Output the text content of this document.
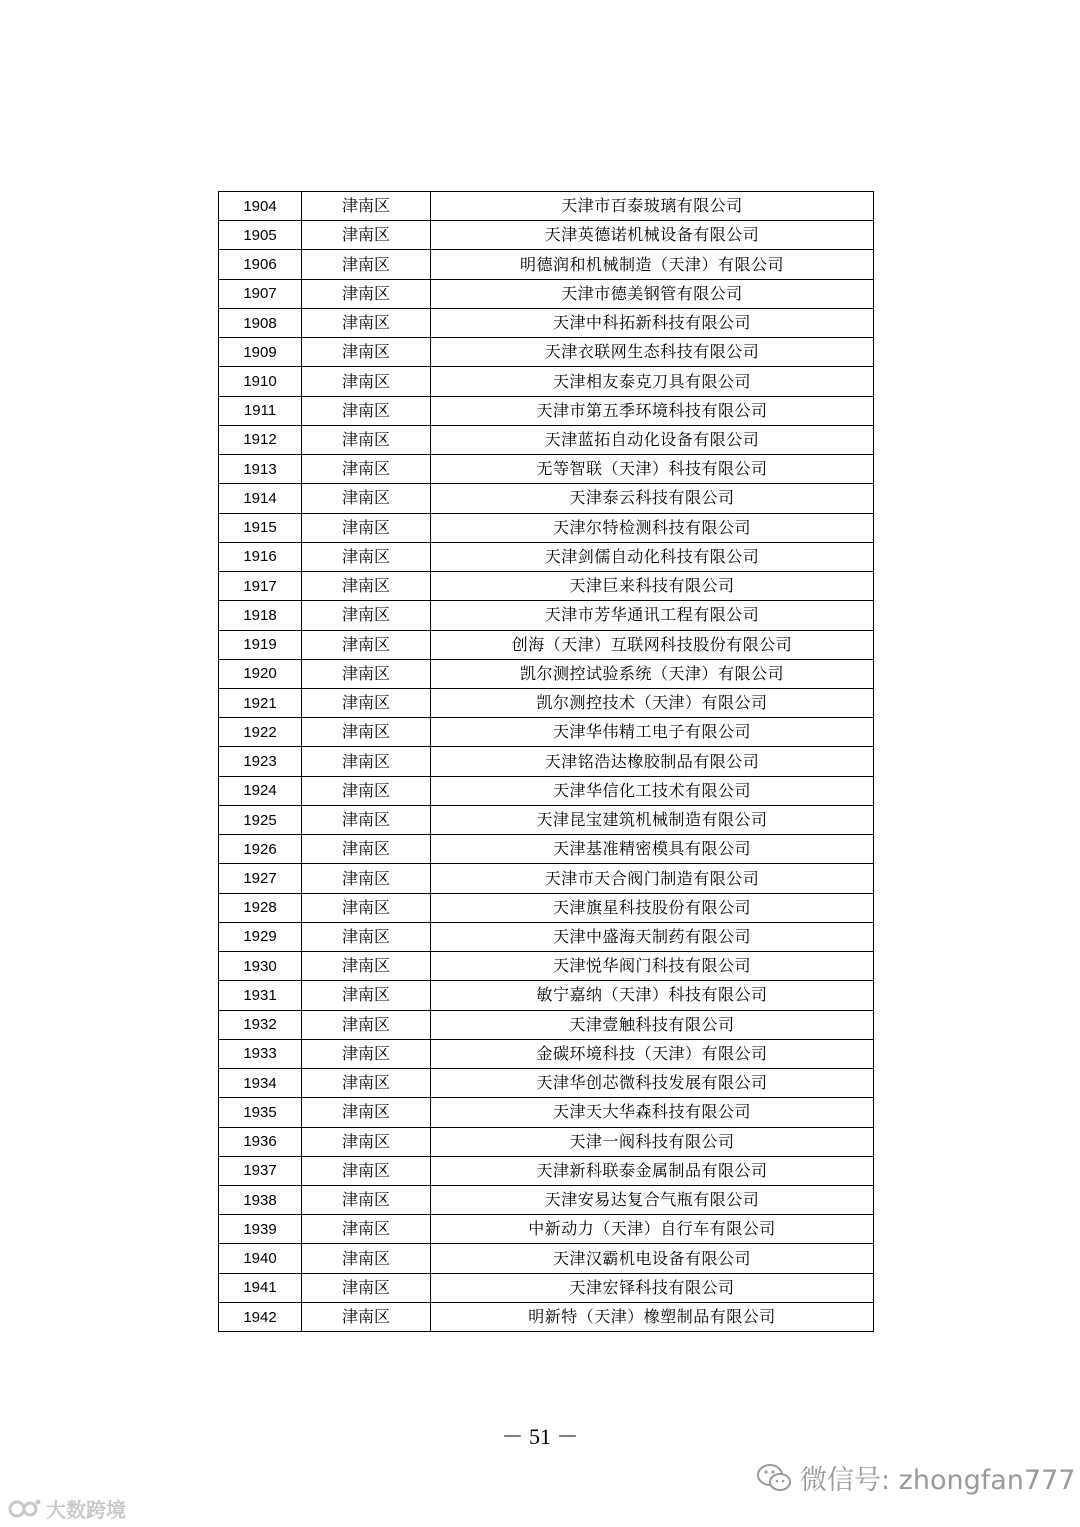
1904	津南区	天津市百泰玻璃有限公司
1905	津南区	天津英德诺机械设备有限公司
1906	津南区	明德润和机械制造（天津）有限公司
1907	津南区	天津市德美钢管有限公司
1908	津南区	天津中科拓新科技有限公司
1909	津南区	天津衣联网生态科技有限公司
1910	津南区	天津相友泰克刀具有限公司
1911	津南区	天津市第五季环境科技有限公司
1912	津南区	天津蓝拓自动化设备有限公司
1913	津南区	无等智联（天津）科技有限公司
1914	津南区	天津泰云科技有限公司
1915	津南区	天津尔特检测科技有限公司
1916	津南区	天津剑儒自动化科技有限公司
1917	津南区	天津巨来科技有限公司
1918	津南区	天津市芳华通讯工程有限公司
1919	津南区	创海（天津）互联网科技股份有限公司
1920	津南区	凯尔测控试验系统（天津）有限公司
1921	津南区	凯尔测控技术（天津）有限公司
1922	津南区	天津华伟精工电子有限公司
1923	津南区	天津铭浩达橡胶制品有限公司
1924	津南区	天津华信化工技术有限公司
1925	津南区	天津昆宝建筑机械制造有限公司
1926	津南区	天津基准精密模具有限公司
1927	津南区	天津市天合阀门制造有限公司
1928	津南区	天津旗星科技股份有限公司
1929	津南区	天津中盛海天制药有限公司
1930	津南区	天津悦华阀门科技有限公司
1931	津南区	敏宁嘉纳（天津）科技有限公司
1932	津南区	天津壹触科技有限公司
1933	津南区	金碳环境科技（天津）有限公司
1934	津南区	天津华创芯微科技发展有限公司
1935	津南区	天津天大华森科技有限公司
1936	津南区	天津一阀科技有限公司
1937	津南区	天津新科联泰金属制品有限公司
1938	津南区	天津安易达复合气瓶有限公司
1939	津南区	中新动力（天津）自行车有限公司
1940	津南区	天津汉霸机电设备有限公司
1941	津南区	天津宏铎科技有限公司
1942	津南区	明新特（天津）橡塑制品有限公司
－ 51 －
大数跨境
微信号: zhongfan777
